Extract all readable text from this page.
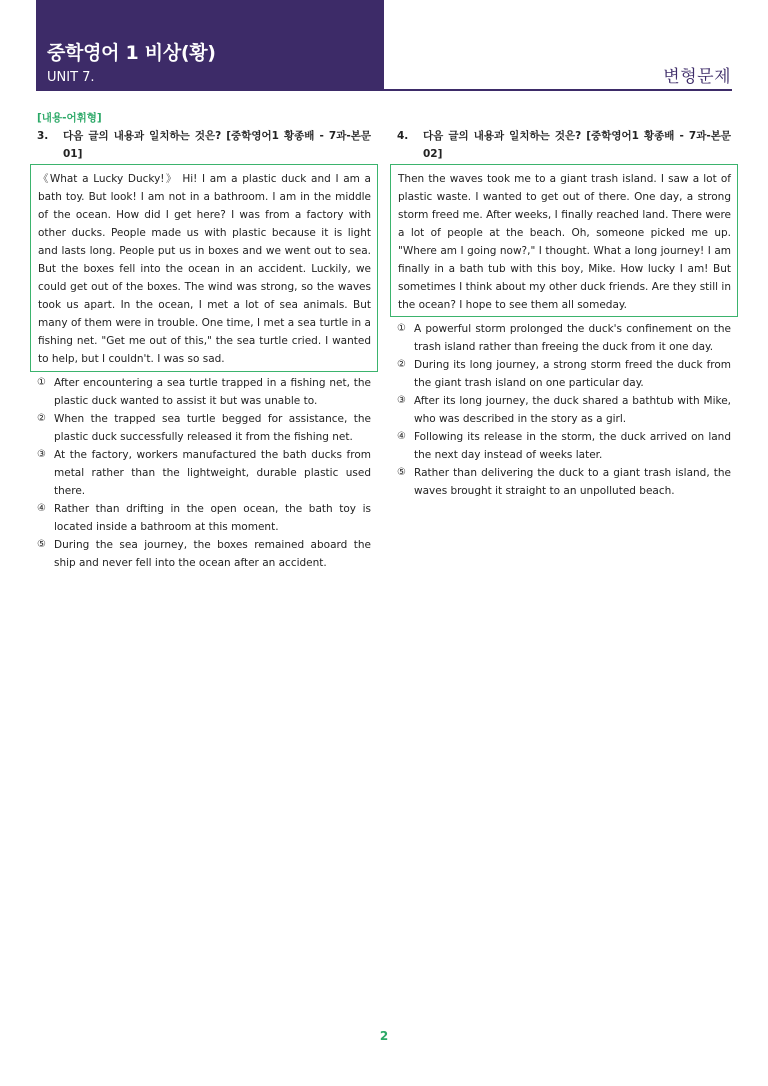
중학영어 1 비상(황)
UNIT 7.	변형문제
[내용-어휘형]
3. 다음 글의 내용과 일치하는 것은? [중학영어1 황종배 - 7과-본문 01]
《What a Lucky Ducky!》 Hi! I am a plastic duck and I am a bath toy. But look! I am not in a bathroom. I am in the middle of the ocean. How did I get here? I was from a factory with other ducks. People made us with plastic because it is light and lasts long. People put us in boxes and we went out to sea. But the boxes fell into the ocean in an accident. Luckily, we could get out of the boxes. The wind was strong, so the waves took us apart. In the ocean, I met a lot of sea animals. But many of them were in trouble. One time, I met a sea turtle in a fishing net. "Get me out of this," the sea turtle cried. I wanted to help, but I couldn't. I was so sad.
① After encountering a sea turtle trapped in a fishing net, the plastic duck wanted to assist it but was unable to.
② When the trapped sea turtle begged for assistance, the plastic duck successfully released it from the fishing net.
③ At the factory, workers manufactured the bath ducks from metal rather than the lightweight, durable plastic used there.
④ Rather than drifting in the open ocean, the bath toy is located inside a bathroom at this moment.
⑤ During the sea journey, the boxes remained aboard the ship and never fell into the ocean after an accident.
4. 다음 글의 내용과 일치하는 것은? [중학영어1 황종배 - 7과-본문 02]
Then the waves took me to a giant trash island. I saw a lot of plastic waste. I wanted to get out of there. One day, a strong storm freed me. After weeks, I finally reached land. There were a lot of people at the beach. Oh, someone picked me up. "Where am I going now?," I thought. What a long journey! I am finally in a bath tub with this boy, Mike. How lucky I am! But sometimes I think about my other duck friends. Are they still in the ocean? I hope to see them all someday.
① A powerful storm prolonged the duck's confinement on the trash island rather than freeing the duck from it one day.
② During its long journey, a strong storm freed the duck from the giant trash island on one particular day.
③ After its long journey, the duck shared a bathtub with Mike, who was described in the story as a girl.
④ Following its release in the storm, the duck arrived on land the next day instead of weeks later.
⑤ Rather than delivering the duck to a giant trash island, the waves brought it straight to an unpolluted beach.
2
